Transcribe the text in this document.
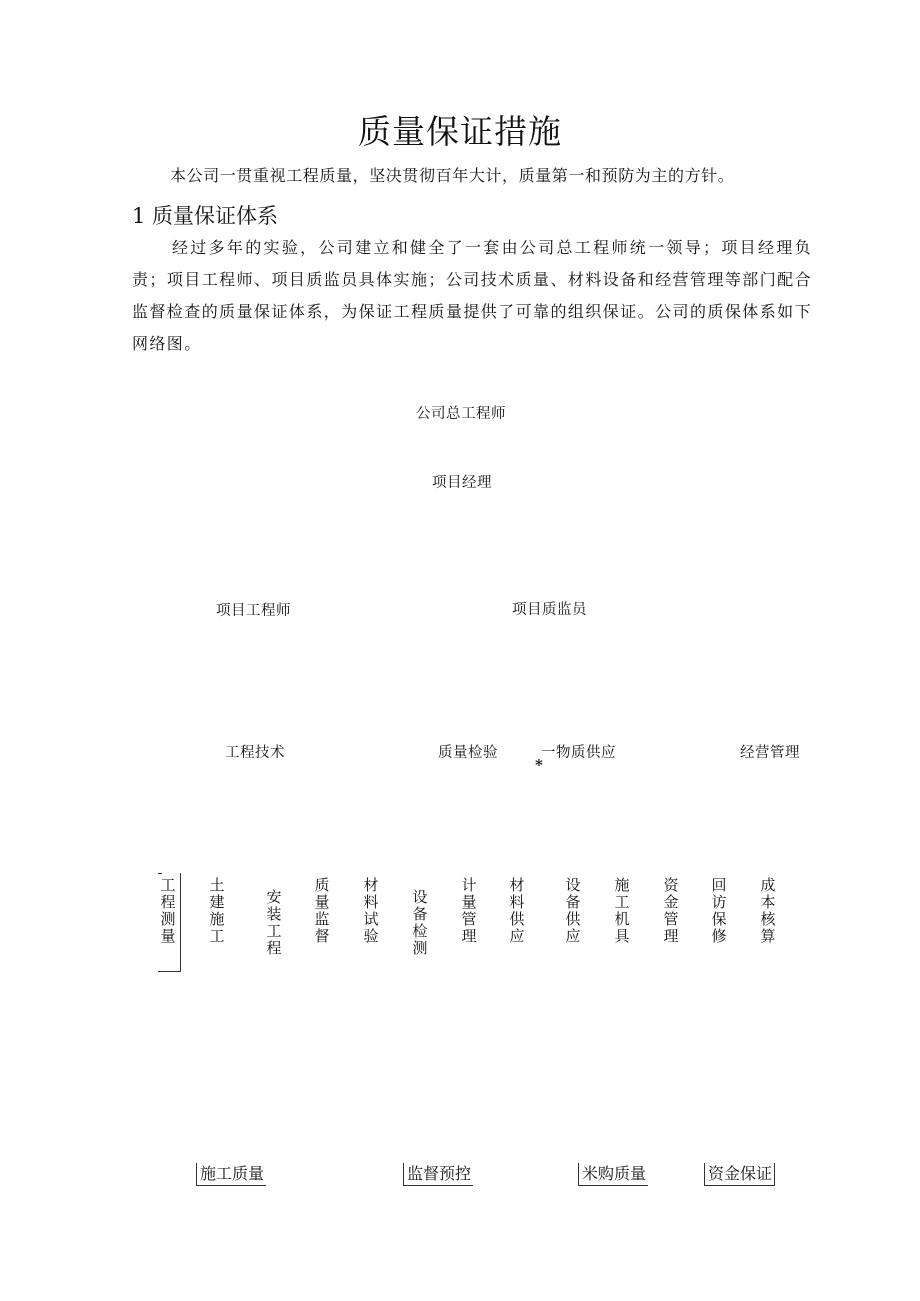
质量保证措施
本公司一贯重视工程质量，坚决贯彻百年大计，质量第一和预防为主的方针。
1 质量保证体系
经过多年的实验，公司建立和健全了一套由公司总工程师统一领导；项目经理负责；项目工程师、项目质监员具体实施；公司技术质量、材料设备和经营管理等部门配合监督检查的质量保证体系，为保证工程质量提供了可靠的组织保证。公司的质保体系如下网络图。
公司总工程师
项目经理
项目工程师	项目质监员
工程技术	质量检验	一物质供应	经营管理
*
工程测量
土建施工
安装工程
质量监督
材料试验
设备检测
计量管理
材料供应
设备供应
施工机具
资金管理
回访保修
成本核算
施工质量	监督预控	米购质量	资金保证
